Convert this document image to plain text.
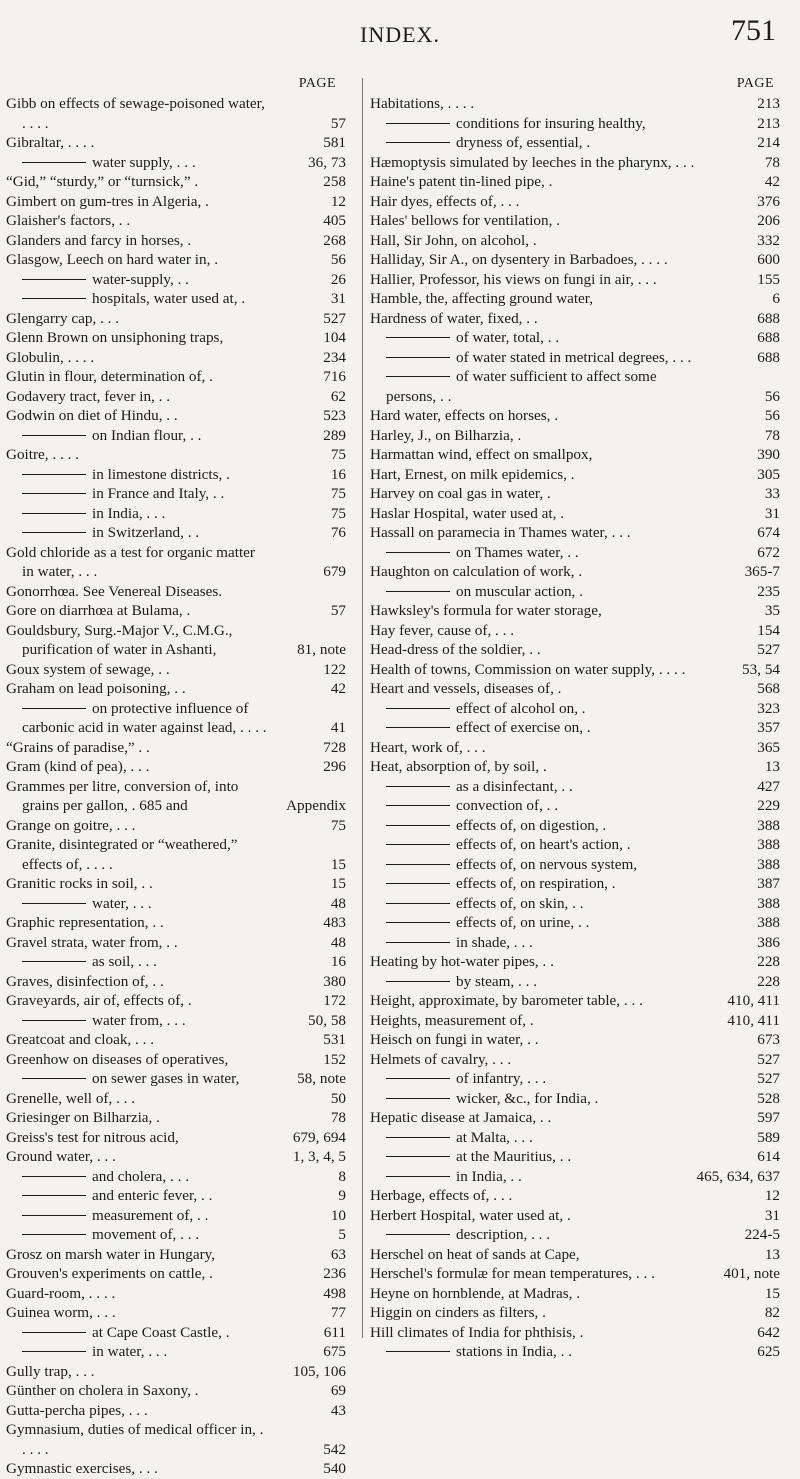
INDEX.	751
PAGE
Gibb on effects of sewage-poisoned water, . . . .	57
Gibraltar, . . . .	581
water supply, . . .	36, 73
“Gid,” “sturdy,” or “turnsick,” .	258
Gimbert on gum-tres in Algeria, .	12
Glaisher's factors, . .	405
Glanders and farcy in horses, .	268
Glasgow, Leech on hard water in, .	56
water-supply, . .	26
hospitals, water used at, .	31
Glengarry cap, . . .	527
Glenn Brown on unsiphoning traps,	104
Globulin, . . . .	234
Glutin in flour, determination of, .	716
Godavery tract, fever in, . .	62
Godwin on diet of Hindu, . .	523
on Indian flour, . .	289
Goitre, . . . .	75
in limestone districts, .	16
in France and Italy, . .	75
in India, . . .	75
in Switzerland, . .	76
Gold chloride as a test for organic matter in water, . . .	679
Gonorrhœa. See Venereal Diseases.
Gore on diarrhœa at Bulama, .	57
Gouldsbury, Surg.-Major V., C.M.G., purification of water in Ashanti,	81, note
Goux system of sewage, . .	122
Graham on lead poisoning, . .	42
on protective influence of carbonic acid in water against lead, . . . .	41
“Grains of paradise,” . .	728
Gram (kind of pea), . . .	296
Grammes per litre, conversion of, into grains per gallon, . 685 and	Appendix
Grange on goitre, . . .	75
Granite, disintegrated or “weathered,” effects of, . . . .	15
Granitic rocks in soil, . .	15
water, . . .	48
Graphic representation, . .	483
Gravel strata, water from, . .	48
as soil, . . .	16
Graves, disinfection of, . .	380
Graveyards, air of, effects of, .	172
water from, . . .	50, 58
Greatcoat and cloak, . . .	531
Greenhow on diseases of operatives,	152
on sewer gases in water,	58, note
Grenelle, well of, . . .	50
Griesinger on Bilharzia, .	78
Greiss's test for nitrous acid,	679, 694
Ground water, . . .	1, 3, 4, 5
and cholera, . . .	8
and enteric fever, . .	9
measurement of, . .	10
movement of, . . .	5
Grosz on marsh water in Hungary,	63
Grouven's experiments on cattle, .	236
Guard-room, . . . .	498
Guinea worm, . . .	77
at Cape Coast Castle, .	611
in water, . . .	675
Gully trap, . . .	105, 106
Günther on cholera in Saxony, .	69
Gutta-percha pipes, . . .	43
Gymnasium, duties of medical officer in, . . . . .	542
Gymnastic exercises, . . .	540
PAGE
Habitations, . . . .	213
conditions for insuring healthy,	213
dryness of, essential, .	214
Hæmoptysis simulated by leeches in the pharynx, . . .	78
Haine's patent tin-lined pipe, .	42
Hair dyes, effects of, . . .	376
Hales' bellows for ventilation, .	206
Hall, Sir John, on alcohol, .	332
Halliday, Sir A., on dysentery in Barbadoes, . . . .	600
Hallier, Professor, his views on fungi in air, . . .	155
Hamble, the, affecting ground water,	6
Hardness of water, fixed, . .	688
of water, total, . .	688
of water stated in metrical degrees, . . .	688
of water sufficient to affect some persons, . .	56
Hard water, effects on horses, .	56
Harley, J., on Bilharzia, .	78
Harmattan wind, effect on smallpox,	390
Hart, Ernest, on milk epidemics, .	305
Harvey on coal gas in water, .	33
Haslar Hospital, water used at, .	31
Hassall on paramecia in Thames water, . . .	674
on Thames water, . .	672
Haughton on calculation of work, .	365-7
on muscular action, .	235
Hawksley's formula for water storage,	35
Hay fever, cause of, . . .	154
Head-dress of the soldier, . .	527
Health of towns, Commission on water supply, . . . .	53, 54
Heart and vessels, diseases of, .	568
effect of alcohol on, .	323
effect of exercise on, .	357
Heart, work of, . . .	365
Heat, absorption of, by soil, .	13
as a disinfectant, . .	427
convection of, . .	229
effects of, on digestion, .	388
effects of, on heart's action, .	388
effects of, on nervous system,	388
effects of, on respiration, .	387
effects of, on skin, . .	388
effects of, on urine, . .	388
in shade, . . .	386
Heating by hot-water pipes, . .	228
by steam, . . .	228
Height, approximate, by barometer table, . . .	410, 411
Heights, measurement of, .	410, 411
Heisch on fungi in water, . .	673
Helmets of cavalry, . . .	527
of infantry, . . .	527
wicker, &c., for India, .	528
Hepatic disease at Jamaica, . .	597
at Malta, . . .	589
at the Mauritius, . .	614
in India, . .	465, 634, 637
Herbage, effects of, . . .	12
Herbert Hospital, water used at, .	31
description, . . .	224-5
Herschel on heat of sands at Cape,	13
Herschel's formulæ for mean temperatures, . . .	401, note
Heyne on hornblende, at Madras, .	15
Higgin on cinders as filters, .	82
Hill climates of India for phthisis, .	642
stations in India, . .	625
